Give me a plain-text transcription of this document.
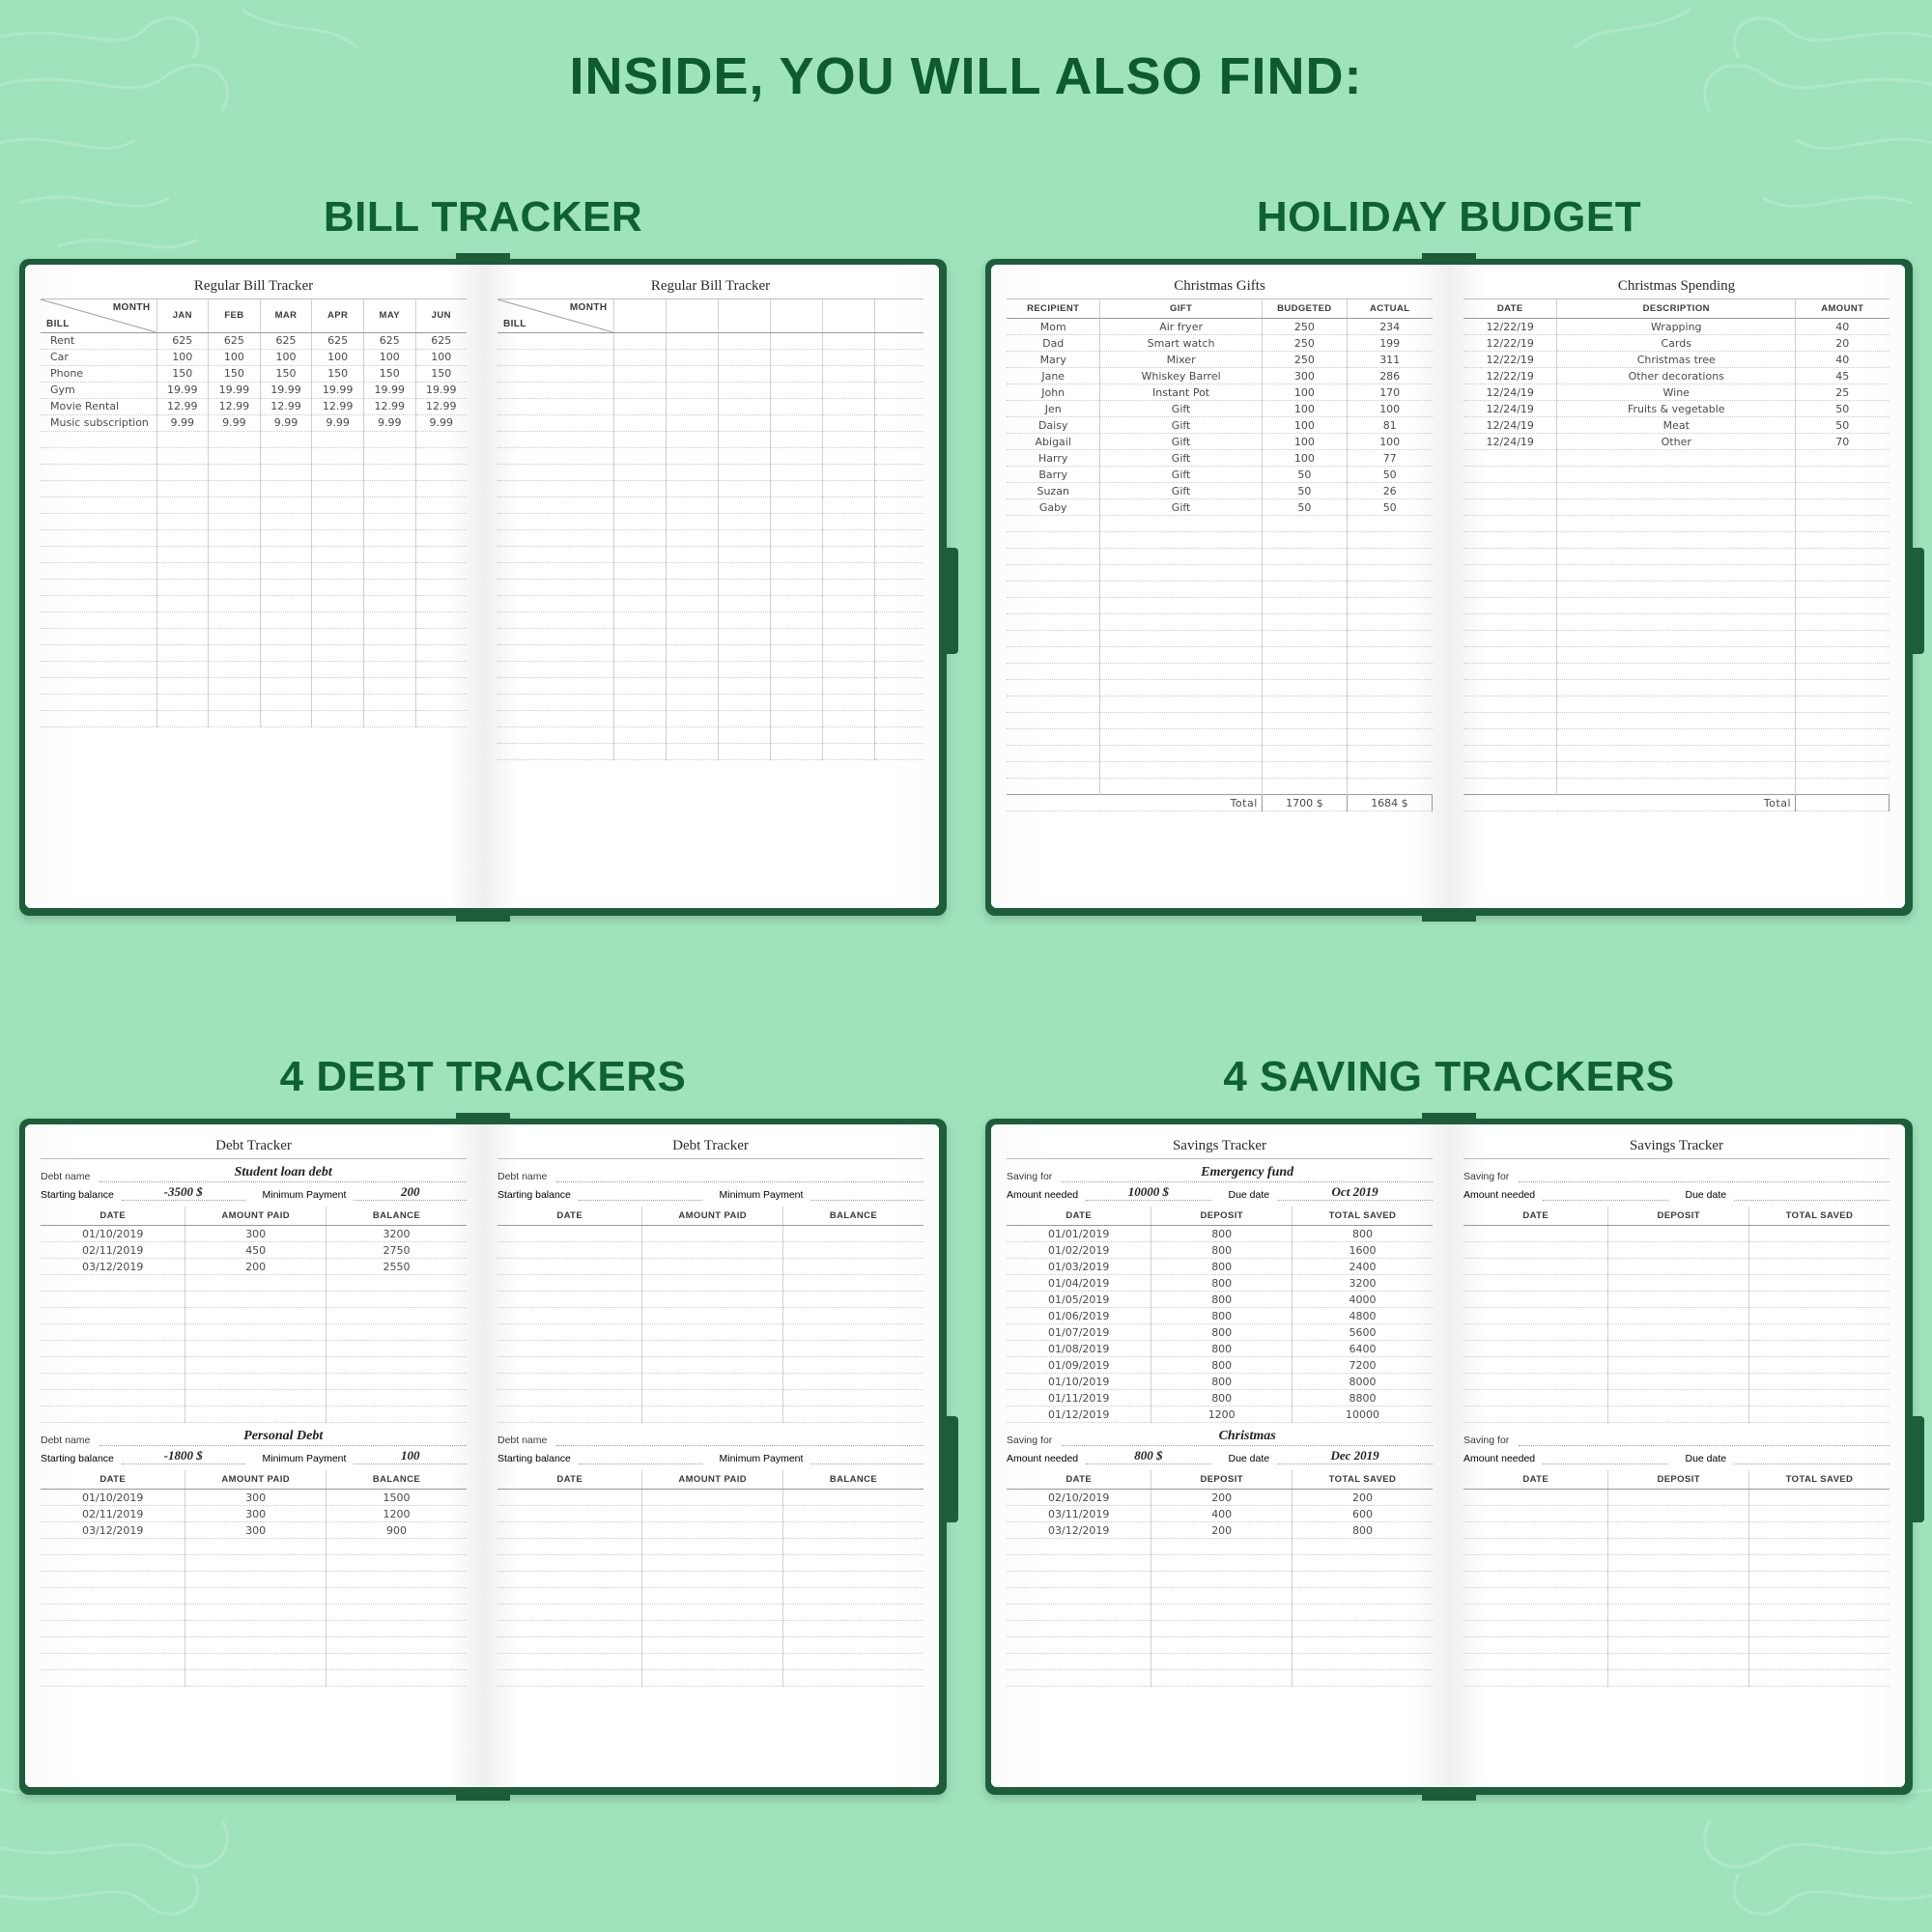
INSIDE, YOU WILL ALSO FIND:
BILL TRACKER
Regular Bill Tracker
MONTH
BILL	JAN	FEB	MAR	APR	MAY	JUN
Rent	625	625	625	625	625	625
Car	100	100	100	100	100	100
Phone	150	150	150	150	150	150
Gym	19.99	19.99	19.99	19.99	19.99	19.99
Movie Rental	12.99	12.99	12.99	12.99	12.99	12.99
Music subscription	9.99	9.99	9.99	9.99	9.99	9.99

Regular Bill Tracker
BILL
MONTH						

HOLIDAY BUDGET
Christmas Gifts
RECIPIENT	GIFT	BUDGETED	ACTUAL
Mom	Air fryer	250	234
Dad	Smart watch	250	199
Mary	Mixer	250	311
Jane	Whiskey Barrel	300	286
John	Instant Pot	100	170
Jen	Gift	100	100
Daisy	Gift	100	81
Abigail	Gift	100	100
Harry	Gift	100	77
Barry	Gift	50	50
Suzan	Gift	50	26
Gaby	Gift	50	50

	Total	1700 $	1684 $
Christmas Spending
DATE	DESCRIPTION	AMOUNT
12/22/19	Wrapping	40
12/22/19	Cards	20
12/22/19	Christmas tree	40
12/22/19	Other decorations	45
12/24/19	Wine	25
12/24/19	Fruits & vegetable	50
12/24/19	Meat	50
12/24/19	Other	70

	Total	
4 DEBT TRACKERS
Debt Tracker
Debt name	Student loan debt
Starting balance	-3500 $	Minimum Payment	200
DATE	AMOUNT PAID	BALANCE
01/10/2019	300	3200
02/11/2019	450	2750
03/12/2019	200	2550

Debt name	Personal Debt
Starting balance	-1800 $	Minimum Payment	100
DATE	AMOUNT PAID	BALANCE
01/10/2019	300	1500
02/11/2019	300	1200
03/12/2019	300	900

Debt Tracker
Debt name
Starting balance	Minimum Payment
DATE	AMOUNT PAID	BALANCE

Debt name
Starting balance	Minimum Payment
DATE	AMOUNT PAID	BALANCE

4 SAVING TRACKERS
Savings Tracker
Saving for	Emergency fund
Amount needed	10000 $	Due date	Oct 2019
DATE	DEPOSIT	TOTAL SAVED
01/01/2019	800	800
01/02/2019	800	1600
01/03/2019	800	2400
01/04/2019	800	3200
01/05/2019	800	4000
01/06/2019	800	4800
01/07/2019	800	5600
01/08/2019	800	6400
01/09/2019	800	7200
01/10/2019	800	8000
01/11/2019	800	8800
01/12/2019	1200	10000
Saving for	Christmas
Amount needed	800 $	Due date	Dec 2019
DATE	DEPOSIT	TOTAL SAVED
02/10/2019	200	200
03/11/2019	400	600
03/12/2019	200	800

Savings Tracker
Saving for
Amount needed	Due date
DATE	DEPOSIT	TOTAL SAVED

Saving for
Amount needed	Due date
DATE	DEPOSIT	TOTAL SAVED
